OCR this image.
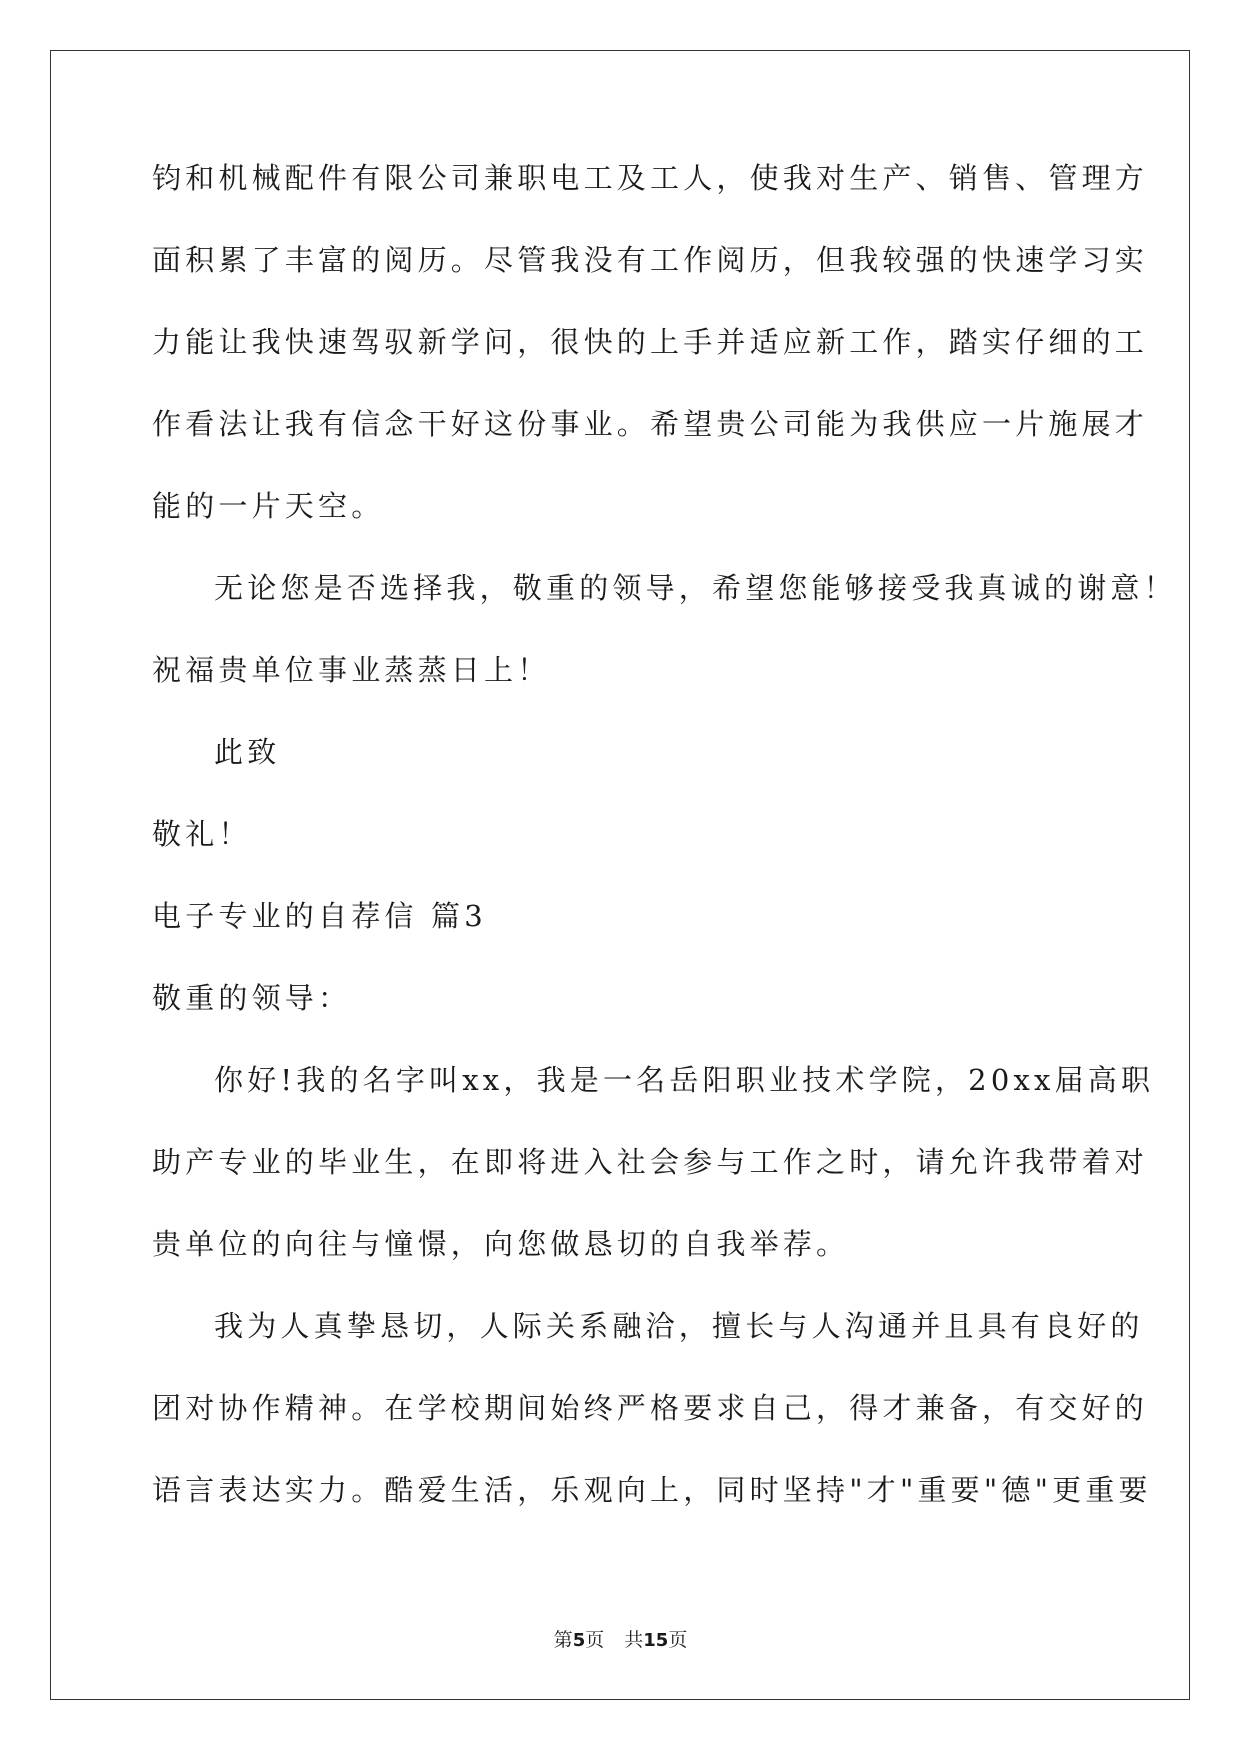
钧和机械配件有限公司兼职电工及工人，使我对生产、销售、管理方
面积累了丰富的阅历。尽管我没有工作阅历，但我较强的快速学习实
力能让我快速驾驭新学问，很快的上手并适应新工作，踏实仔细的工
作看法让我有信念干好这份事业。希望贵公司能为我供应一片施展才
能的一片天空。
无论您是否选择我，敬重的领导，希望您能够接受我真诚的谢意！
祝福贵单位事业蒸蒸日上！
此致
敬礼！
电子专业的自荐信 篇3
敬重的领导：
你好!我的名字叫xx，我是一名岳阳职业技术学院，20xx届高职
助产专业的毕业生，在即将进入社会参与工作之时，请允许我带着对
贵单位的向往与憧憬，向您做恳切的自我举荐。
我为人真挚恳切，人际关系融洽，擅长与人沟通并且具有良好的
团对协作精神。在学校期间始终严格要求自己，得才兼备，有交好的
语言表达实力。酷爱生活，乐观向上，同时坚持"才"重要"德"更重要
第5页 共15页
